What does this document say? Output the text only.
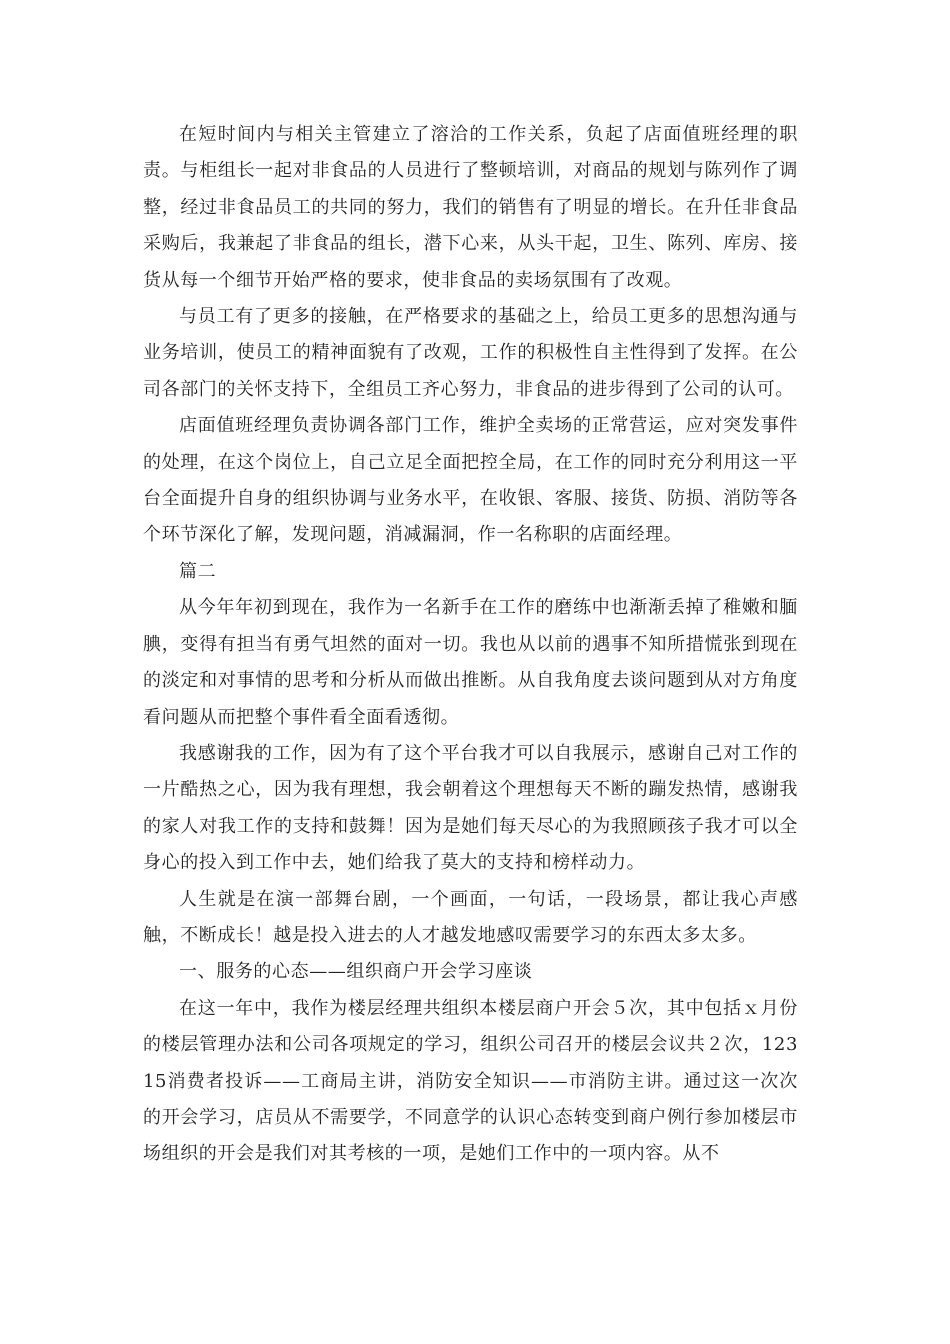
在短时间内与相关主管建立了溶洽的工作关系，负起了店面值班经理的职责。与柜组长一起对非食品的人员进行了整顿培训，对商品的规划与陈列作了调整，经过非食品员工的共同的努力，我们的销售有了明显的增长。在升任非食品采购后，我兼起了非食品的组长，潜下心来，从头干起，卫生、陈列、库房、接货从每一个细节开始严格的要求，使非食品的卖场氛围有了改观。

与员工有了更多的接触，在严格要求的基础之上，给员工更多的思想沟通与业务培训，使员工的精神面貌有了改观，工作的积极性自主性得到了发挥。在公司各部门的关怀支持下，全组员工齐心努力，非食品的进步得到了公司的认可。

店面值班经理负责协调各部门工作，维护全卖场的正常营运，应对突发事件的处理，在这个岗位上，自己立足全面把控全局，在工作的同时充分利用这一平台全面提升自身的组织协调与业务水平，在收银、客服、接货、防损、消防等各个环节深化了解，发现问题，消减漏洞，作一名称职的店面经理。

篇二

从今年年初到现在，我作为一名新手在工作的磨练中也渐渐丢掉了稚嫩和腼腆，变得有担当有勇气坦然的面对一切。我也从以前的遇事不知所措慌张到现在的淡定和对事情的思考和分析从而做出推断。从自我角度去谈问题到从对方角度看问题从而把整个事件看全面看透彻。

我感谢我的工作，因为有了这个平台我才可以自我展示，感谢自己对工作的一片酷热之心，因为我有理想，我会朝着这个理想每天不断的蹦发热情，感谢我的家人对我工作的支持和鼓舞！因为是她们每天尽心的为我照顾孩子我才可以全身心的投入到工作中去，她们给我了莫大的支持和榜样动力。

人生就是在演一部舞台剧，一个画面，一句话，一段场景，都让我心声感触，不断成长！越是投入进去的人才越发地感叹需要学习的东西太多太多。

一、服务的心态——组织商户开会学习座谈

在这一年中，我作为楼层经理共组织本楼层商户开会５次，其中包括ｘ月份的楼层管理办法和公司各项规定的学习，组织公司召开的楼层会议共２次，12315消费者投诉——工商局主讲，消防安全知识——市消防主讲。通过这一次次的开会学习，店员从不需要学，不同意学的认识心态转变到商户例行参加楼层市场组织的开会是我们对其考核的一项，是她们工作中的一项内容。从不
